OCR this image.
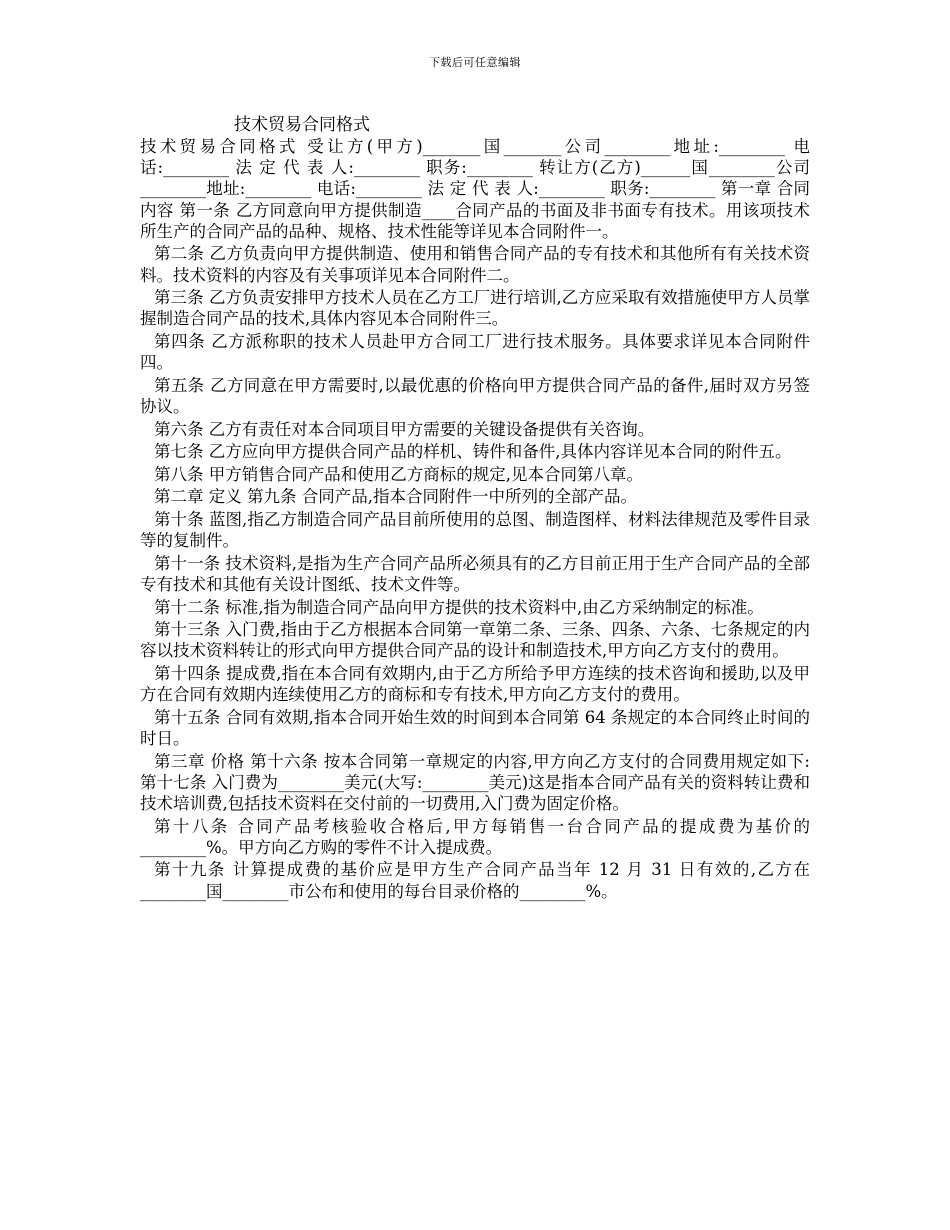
下载后可任意编辑
技术贸易合同格式

技术贸易合同格式 受让方(甲方)_______国_______公司________地址:________ 电话:________ 法 定 代 表 人:________ 职务:________ 转让方(乙方)______国________公司________地址:________ 电话:________ 法 定 代 表 人:________ 职务:________ 第一章 合同内容 第一条 乙方同意向甲方提供制造____合同产品的书面及非书面专有技术。用该项技术所生产的合同产品的品种、规格、技术性能等详见本合同附件一。

第二条 乙方负责向甲方提供制造、使用和销售合同产品的专有技术和其他所有有关技术资料。技术资料的内容及有关事项详见本合同附件二。

第三条 乙方负责安排甲方技术人员在乙方工厂进行培训,乙方应采取有效措施使甲方人员掌握制造合同产品的技术,具体内容见本合同附件三。

第四条 乙方派称职的技术人员赴甲方合同工厂进行技术服务。具体要求详见本合同附件四。

第五条 乙方同意在甲方需要时,以最优惠的价格向甲方提供合同产品的备件,届时双方另签协议。

第六条 乙方有责任对本合同项目甲方需要的关键设备提供有关咨询。

第七条 乙方应向甲方提供合同产品的样机、铸件和备件,具体内容详见本合同的附件五。

第八条 甲方销售合同产品和使用乙方商标的规定,见本合同第八章。

第二章 定义 第九条 合同产品,指本合同附件一中所列的全部产品。

第十条 蓝图,指乙方制造合同产品目前所使用的总图、制造图样、材料法律规范及零件目录等的复制件。

第十一条 技术资料,是指为生产合同产品所必须具有的乙方目前正用于生产合同产品的全部专有技术和其他有关设计图纸、技术文件等。

第十二条 标准,指为制造合同产品向甲方提供的技术资料中,由乙方采纳制定的标准。

第十三条 入门费,指由于乙方根据本合同第一章第二条、三条、四条、六条、七条规定的内容以技术资料转让的形式向甲方提供合同产品的设计和制造技术,甲方向乙方支付的费用。

第十四条 提成费,指在本合同有效期内,由于乙方所给予甲方连续的技术咨询和援助,以及甲方在合同有效期内连续使用乙方的商标和专有技术,甲方向乙方支付的费用。

第十五条 合同有效期,指本合同开始生效的时间到本合同第 64 条规定的本合同终止时间的时日。

第三章 价格 第十六条 按本合同第一章规定的内容,甲方向乙方支付的合同费用规定如下: 第十七条 入门费为________美元(大写:________美元)这是指本合同产品有关的资料转让费和技术培训费,包括技术资料在交付前的一切费用,入门费为固定价格。

第十八条 合同产品考核验收合格后,甲方每销售一台合同产品的提成费为基价的________%。甲方向乙方购的零件不计入提成费。

第十九条 计算提成费的基价应是甲方生产合同产品当年 12 月 31 日有效的,乙方在________国________市公布和使用的每台目录价格的________%。
